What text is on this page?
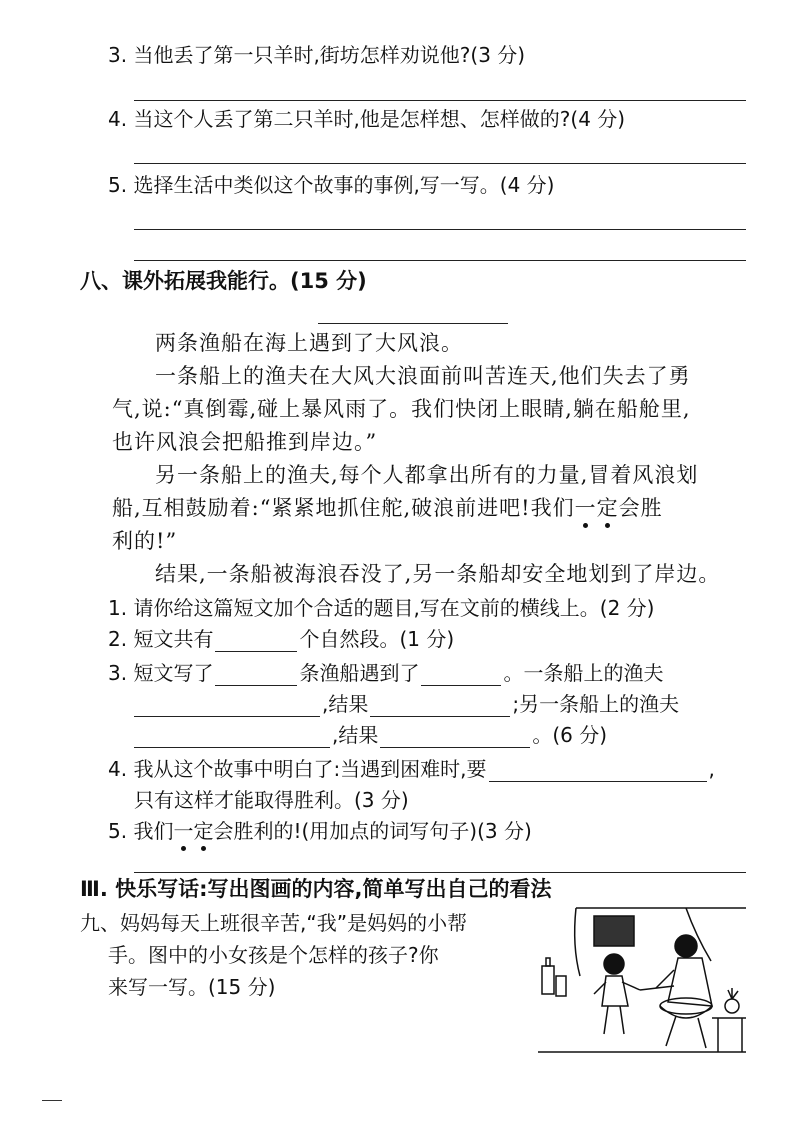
3. 当他丢了第一只羊时,街坊怎样劝说他?(3 分)
4. 当这个人丢了第二只羊时,他是怎样想、怎样做的?(4 分)
5. 选择生活中类似这个故事的事例,写一写。(4 分)
八、课外拓展我能行。(15 分)
两条渔船在海上遇到了大风浪。
一条船上的渔夫在大风大浪面前叫苦连天,他们失去了勇
气,说:“真倒霉,碰上暴风雨了。我们快闭上眼睛,躺在船舱里,
也许风浪会把船推到岸边。”
另一条船上的渔夫,每个人都拿出所有的力量,冒着风浪划
船,互相鼓励着:“紧紧地抓住舵,破浪前进吧!我们一定会胜
利的!”
结果,一条船被海浪吞没了,另一条船却安全地划到了岸边。
1. 请你给这篇短文加个合适的题目,写在文前的横线上。(2 分)
2. 短文共有	个自然段。(1 分)
3. 短文写了	条渔船遇到了	。一条船上的渔夫
,结果	;另一条船上的渔夫
,结果	。(6 分)
4. 我从这个故事中明白了:当遇到困难时,要	,
只有这样才能取得胜利。(3 分)
5. 我们一定会胜利的!(用加点的词写句子)(3 分)
Ⅲ. 快乐写话:写出图画的内容,简单写出自己的看法
九、妈妈每天上班很辛苦,“我”是妈妈的小帮
手。图中的小女孩是个怎样的孩子?你
来写一写。(15 分)
